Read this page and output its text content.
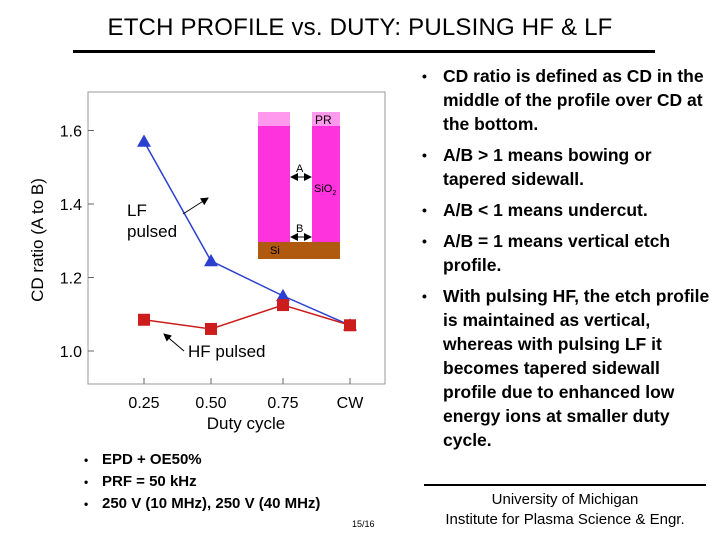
ETCH PROFILE vs. DUTY: PULSING HF & LF
PR
A
SiO$_2$
B
Si
1.0
1.2
1.4
1.6
0.25 0.50	0.75 CW
CD ratio (A to B)
Duty cycle
LF pulsed
HF pulsed
• CD ratio is defined as CD in the middle of the profile over CD at the bottom.
• A/B > 1 means bowing or tapered sidewall.
• A/B < 1 means undercut.
• A/B = 1 means vertical etch profile.
• With pulsing HF, the etch profile is maintained as vertical, whereas with pulsing LF it becomes tapered sidewall profile due to enhanced low energy ions at smaller duty cycle.
• EPD + OE50%
• PRF = 50 kHz
• 250 V (10 MHz), 250 V (40 MHz)
15/16
University of Michigan
Institute for Plasma Science & Engr.
